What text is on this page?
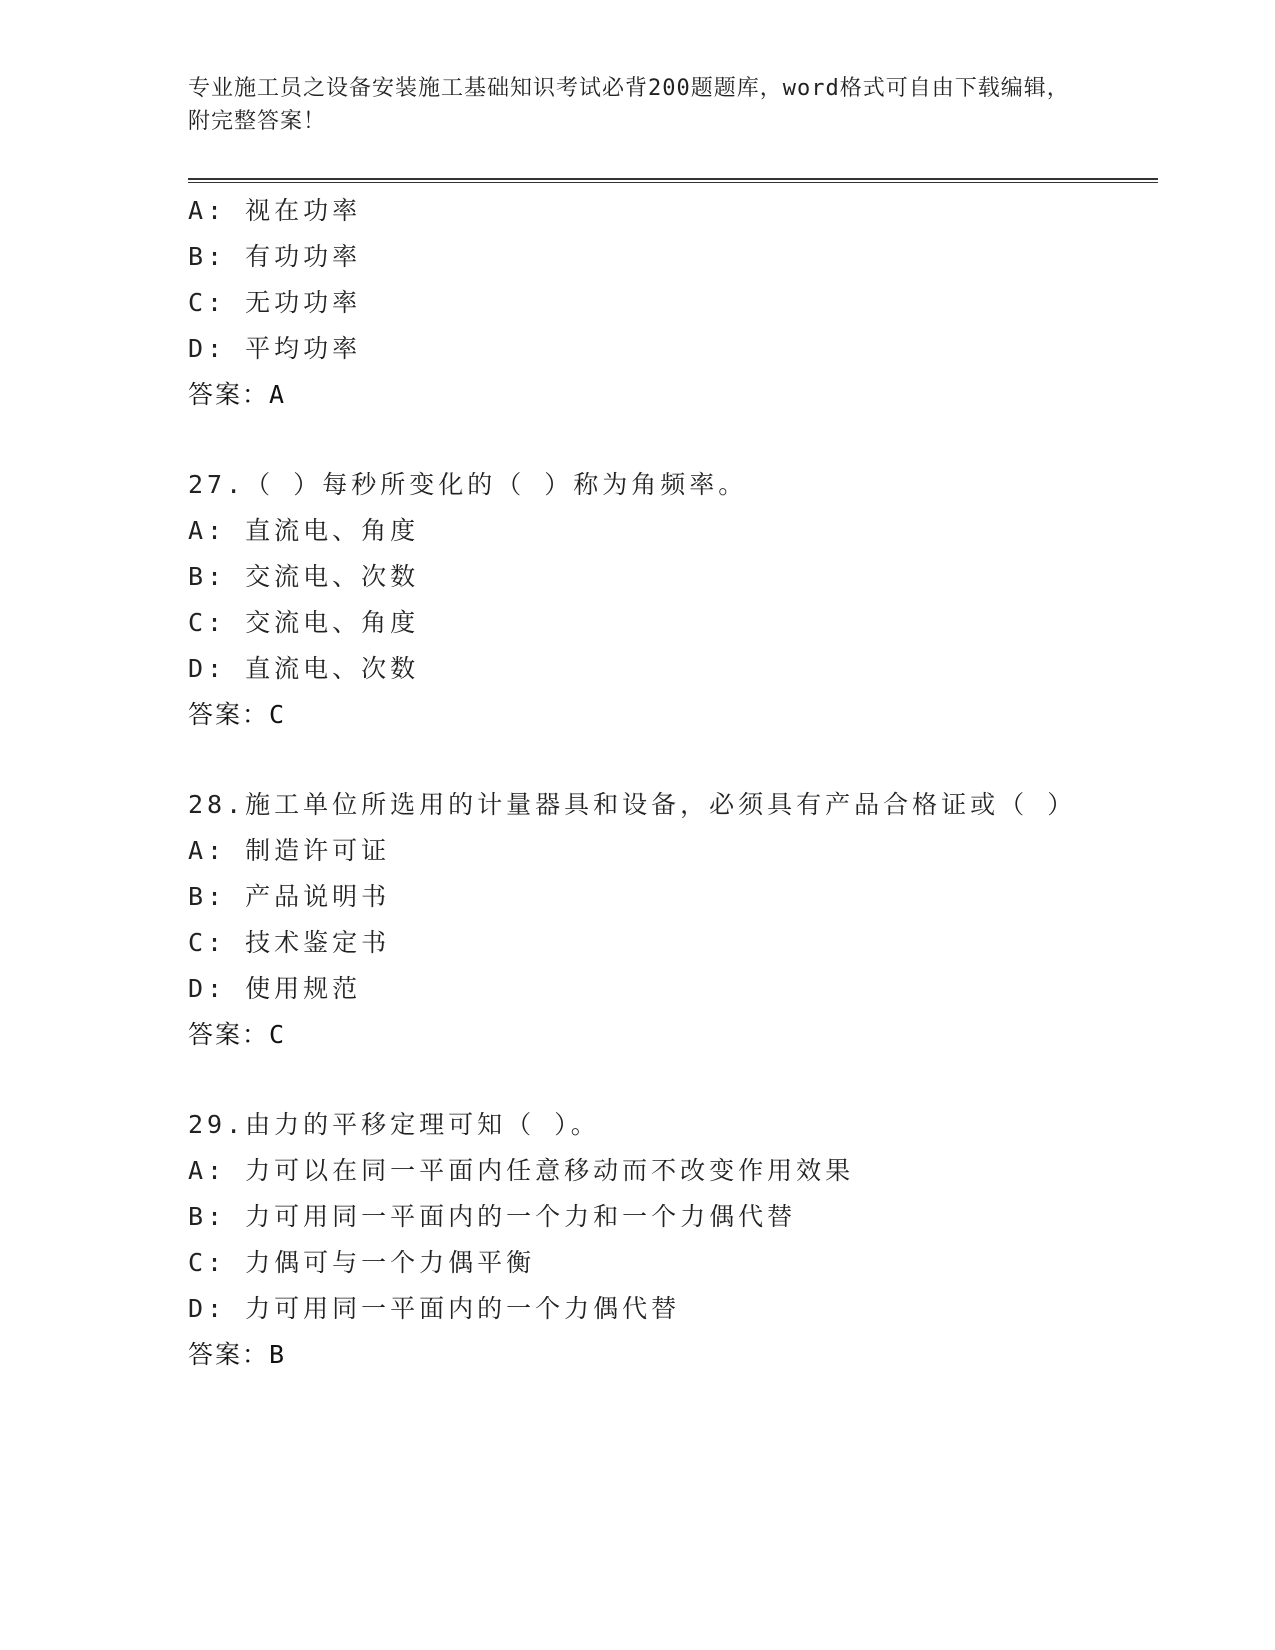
专业施工员之设备安装施工基础知识考试必背200题题库，word格式可自由下载编辑，附完整答案！
A: 视在功率
B: 有功功率
C: 无功功率
D: 平均功率
答案：A
27.（ ）每秒所变化的（ ）称为角频率。
A: 直流电、角度
B: 交流电、次数
C: 交流电、角度
D: 直流电、次数
答案：C
28.施工单位所选用的计量器具和设备，必须具有产品合格证或（ ）
A: 制造许可证
B: 产品说明书
C: 技术鉴定书
D: 使用规范
答案：C
29.由力的平移定理可知（ ）。
A: 力可以在同一平面内任意移动而不改变作用效果
B: 力可用同一平面内的一个力和一个力偶代替
C: 力偶可与一个力偶平衡
D: 力可用同一平面内的一个力偶代替
答案：B
